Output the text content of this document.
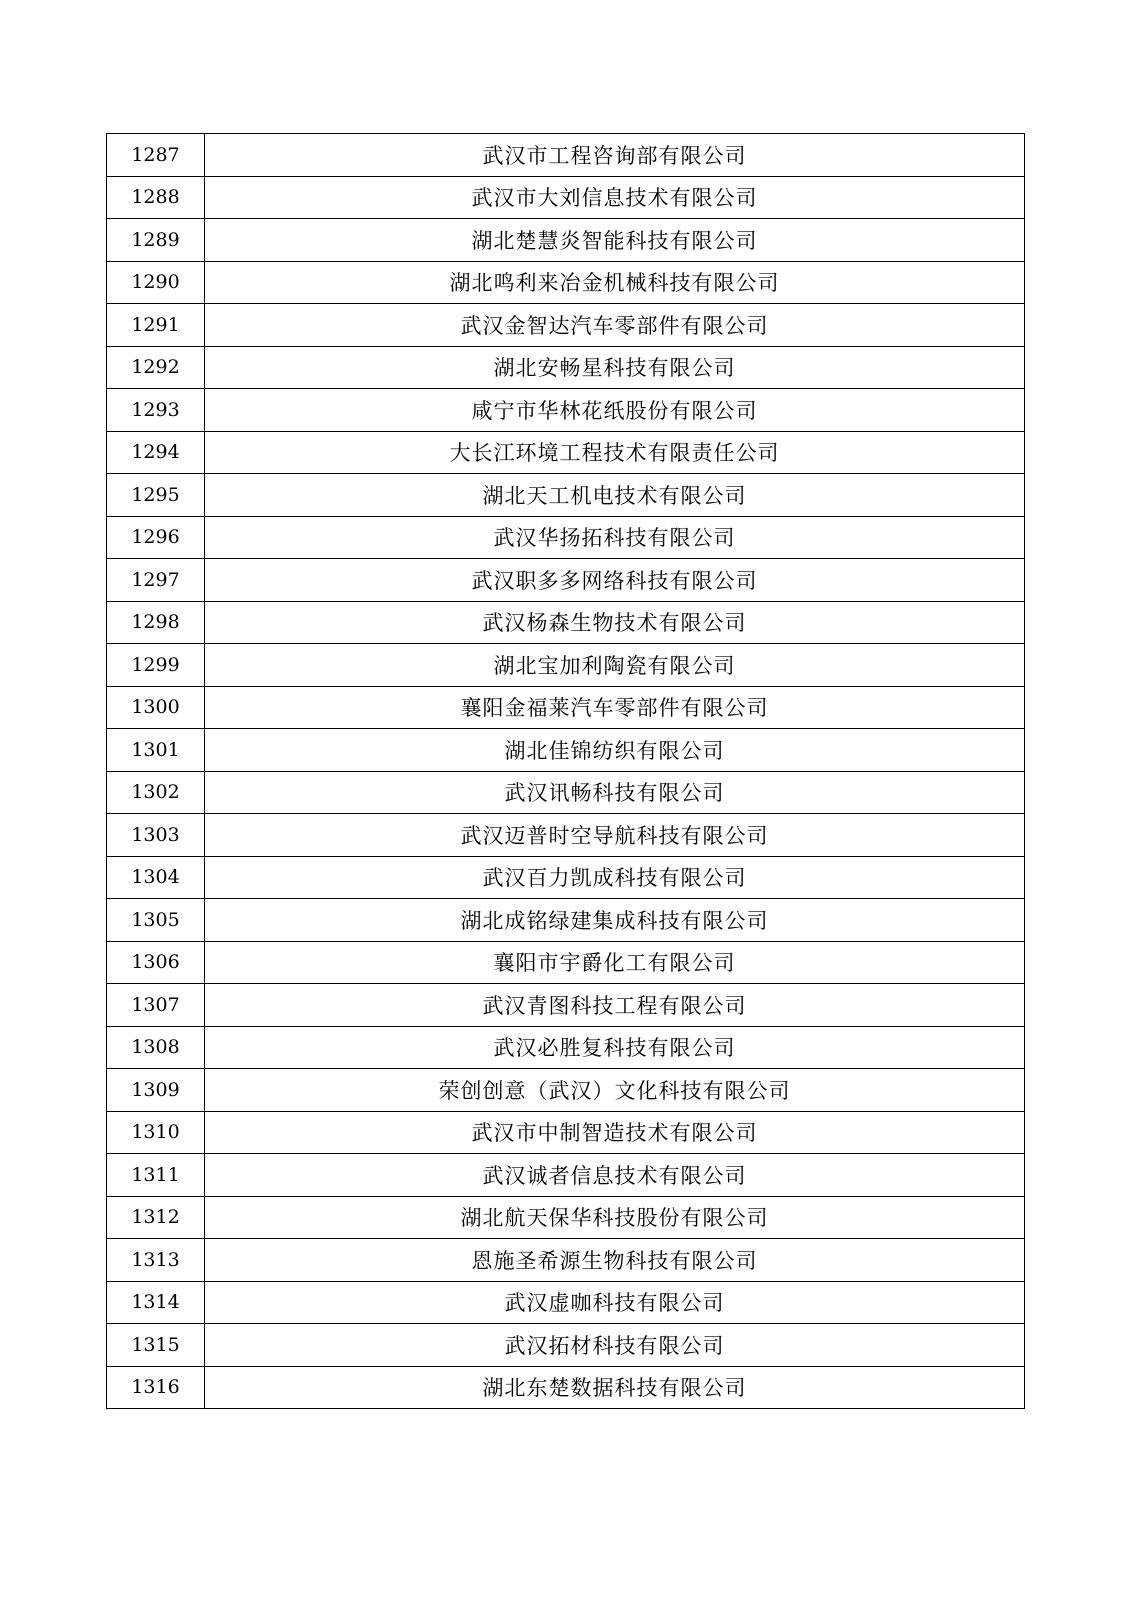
1287	武汉市工程咨询部有限公司
1288	武汉市大刘信息技术有限公司
1289	湖北楚慧炎智能科技有限公司
1290	湖北鸣利来冶金机械科技有限公司
1291	武汉金智达汽车零部件有限公司
1292	湖北安畅星科技有限公司
1293	咸宁市华林花纸股份有限公司
1294	大长江环境工程技术有限责任公司
1295	湖北天工机电技术有限公司
1296	武汉华扬拓科技有限公司
1297	武汉职多多网络科技有限公司
1298	武汉杨森生物技术有限公司
1299	湖北宝加利陶瓷有限公司
1300	襄阳金福莱汽车零部件有限公司
1301	湖北佳锦纺织有限公司
1302	武汉讯畅科技有限公司
1303	武汉迈普时空导航科技有限公司
1304	武汉百力凯成科技有限公司
1305	湖北成铭绿建集成科技有限公司
1306	襄阳市宇爵化工有限公司
1307	武汉青图科技工程有限公司
1308	武汉必胜复科技有限公司
1309	荣创创意（武汉）文化科技有限公司
1310	武汉市中制智造技术有限公司
1311	武汉诚者信息技术有限公司
1312	湖北航天保华科技股份有限公司
1313	恩施圣希源生物科技有限公司
1314	武汉虚咖科技有限公司
1315	武汉拓材科技有限公司
1316	湖北东楚数据科技有限公司
